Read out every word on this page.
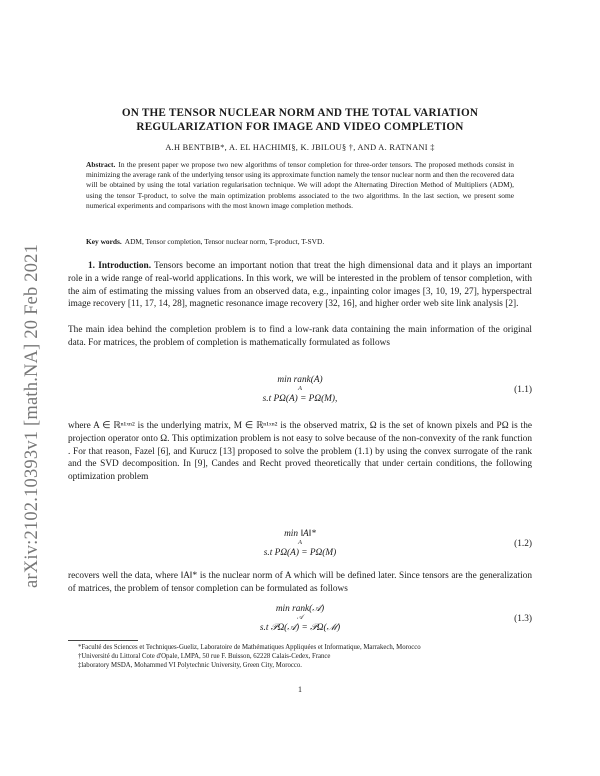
arXiv:2102.10393v1 [math.NA] 20 Feb 2021
ON THE TENSOR NUCLEAR NORM AND THE TOTAL VARIATION
REGULARIZATION FOR IMAGE AND VIDEO COMPLETION
A.H BENTBIB*, A. EL HACHIMI§, K. JBILOU§ †, AND A. RATNANI ‡
Abstract. In the present paper we propose two new algorithms of tensor completion for three-order tensors. The proposed methods consist in minimizing the average rank of the underlying tensor using its approximate function namely the tensor nuclear norm and then the recovered data will be obtained by using the total variation regularisation technique. We will adopt the Alternating Direction Method of Multipliers (ADM), using the tensor T-product, to solve the main optimization problems associated to the two algorithms. In the last section, we present some numerical experiments and comparisons with the most known image completion methods.
Key words. ADM, Tensor completion, Tensor nuclear norm, T-product, T-SVD.
1. Introduction. Tensors become an important notion that treat the high dimensional data and it plays an important role in a wide range of real-world applications. In this work, we will be interested in the problem of tensor completion, with the aim of estimating the missing values from an observed data, e.g., inpainting color images [3, 10, 19, 27], hyperspectral image recovery [11, 17, 14, 28], magnetic resonance image recovery [32, 16], and higher order web site link analysis [2].
The main idea behind the completion problem is to find a low-rank data containing the main information of the original data. For matrices, the problem of completion is mathematically formulated as follows
min rank(A)
A
s.t PΩ(A) = PΩ(M),
(1.1)
where A ∈ ℝⁿ¹ˣⁿ² is the underlying matrix, M ∈ ℝⁿ¹ˣⁿ² is the observed matrix, Ω is the set of known pixels and PΩ is the projection operator onto Ω. This optimization problem is not easy to solve because of the non-convexity of the rank function . For that reason, Fazel [6], and Kurucz [13] proposed to solve the problem (1.1) by using the convex surrogate of the rank and the SVD decomposition. In [9], Candes and Recht proved theoretically that under certain conditions, the following optimization problem
min ‖A‖*
A
s.t PΩ(A) = PΩ(M)
(1.2)
recovers well the data, where ‖A‖* is the nuclear norm of A which will be defined later. Since tensors are the generalization of matrices, the problem of tensor completion can be formulated as follows
min rank(𝒜)
𝒜
s.t 𝒫Ω(𝒜) = 𝒫Ω(ℳ)
(1.3)

*Faculté des Sciences et Techniques-Gueliz, Laboratoire de Mathématiques Appliquées et Informatique, Marrakech, Morocco

†Université du Littoral Cote d'Opale, LMPA, 50 rue F. Buisson, 62228 Calais-Cedex, France

‡laboratory MSDA, Mohammed VI Polytechnic University, Green City, Morocco.

1
